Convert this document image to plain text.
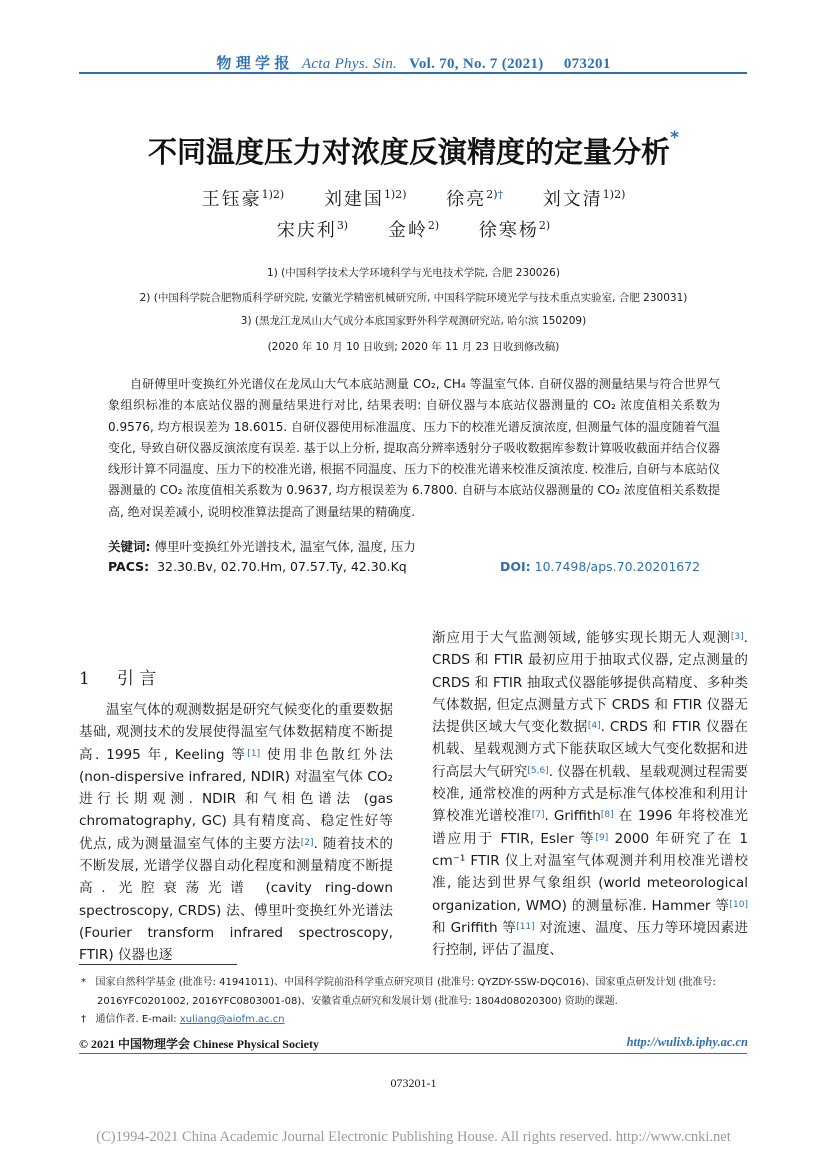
物 理 学 报 Acta Phys. Sin. Vol. 70, No. 7 (2021) 073201
不同温度压力对浓度反演精度的定量分析*
王钰豪$^{1)2)}$ 刘建国$^{1)2)}$ 徐亮$^{2)\dagger}$ 刘文清$^{1)2)}$
宋庆利$^{3)}$ 金岭$^{2)}$ 徐寒杨$^{2)}$
1) (中国科学技术大学环境科学与光电技术学院, 合肥 230026)
2) (中国科学院合肥物质科学研究院, 安徽光学精密机械研究所, 中国科学院环境光学与技术重点实验室, 合肥 230031)
3) (黑龙江龙凤山大气成分本底国家野外科学观测研究站, 哈尔滨 150209)
(2020 年 10 月 10 日收到; 2020 年 11 月 23 日收到修改稿)
自研傅里叶变换红外光谱仪在龙凤山大气本底站测量 CO₂, CH₄ 等温室气体. 自研仪器的测量结果与符合世界气象组织标准的本底站仪器的测量结果进行对比, 结果表明: 自研仪器与本底站仪器测量的 CO₂ 浓度值相关系数为 0.9576, 均方根误差为 18.6015. 自研仪器使用标准温度、压力下的校准光谱反演浓度, 但测量气体的温度随着气温变化, 导致自研仪器反演浓度有误差. 基于以上分析, 提取高分辨率透射分子吸收数据库参数计算吸收截面并结合仪器线形计算不同温度、压力下的校准光谱, 根据不同温度、压力下的校准光谱来校准反演浓度. 校准后, 自研与本底站仪器测量的 CO₂ 浓度值相关系数为 0.9637, 均方根误差为 6.7800. 自研与本底站仪器测量的 CO₂ 浓度值相关系数提高, 绝对误差减小, 说明校准算法提高了测量结果的精确度.
关键词: 傅里叶变换红外光谱技术, 温室气体, 温度, 压力
PACS: 32.30.Bv, 02.70.Hm, 07.57.Ty, 42.30.Kq	DOI: 10.7498/aps.70.20201672
1 引 言

温室气体的观测数据是研究气候变化的重要数据基础, 观测技术的发展使得温室气体数据精度不断提高. 1995 年, Keeling 等[1] 使用非色散红外法 (non-dispersive infrared, NDIR) 对温室气体 CO₂ 进行长期观测. NDIR 和气相色谱法 (gas chromatography, GC) 具有精度高、稳定性好等优点, 成为测量温室气体的主要方法[2]. 随着技术的不断发展, 光谱学仪器自动化程度和测量精度不断提高. 光腔衰荡光谱 (cavity ring-down spectroscopy, CRDS) 法、傅里叶变换红外光谱法 (Fourier transform infrared spectroscopy, FTIR) 仪器也逐

渐应用于大气监测领域, 能够实现长期无人观测[3]. CRDS 和 FTIR 最初应用于抽取式仪器, 定点测量的 CRDS 和 FTIR 抽取式仪器能够提供高精度、多种类气体数据, 但定点测量方式下 CRDS 和 FTIR 仪器无法提供区域大气变化数据[4]. CRDS 和 FTIR 仪器在机载、星载观测方式下能获取区域大气变化数据和进行高层大气研究[5,6]. 仪器在机载、星载观测过程需要校准, 通常校准的两种方式是标准气体校准和利用计算校准光谱校准[7]. Griffith[8] 在 1996 年将校准光谱应用于 FTIR, Esler 等[9] 2000 年研究了在 1 cm⁻¹ FTIR 仪上对温室气体观测并利用校准光谱校准, 能达到世界气象组织 (world meteorological organization, WMO) 的测量标准. Hammer 等[10] 和 Griffith 等[11] 对流速、温度、压力等环境因素进行控制, 评估了温度、

* 国家自然科学基金 (批准号: 41941011)、中国科学院前沿科学重点研究项目 (批准号: QYZDY-SSW-DQC016)、国家重点研发计划 (批准号: 2016YFC0201002, 2016YFC0803001-08)、安徽省重点研究和发展计划 (批准号: 1804d08020300) 资助的课题.
† 通信作者. E-mail: xuliang@aiofm.ac.cn
© 2021 中国物理学会 Chinese Physical Society	http://wulixb.iphy.ac.cn
073201-1
(C)1994-2021 China Academic Journal Electronic Publishing House. All rights reserved. http://www.cnki.net
